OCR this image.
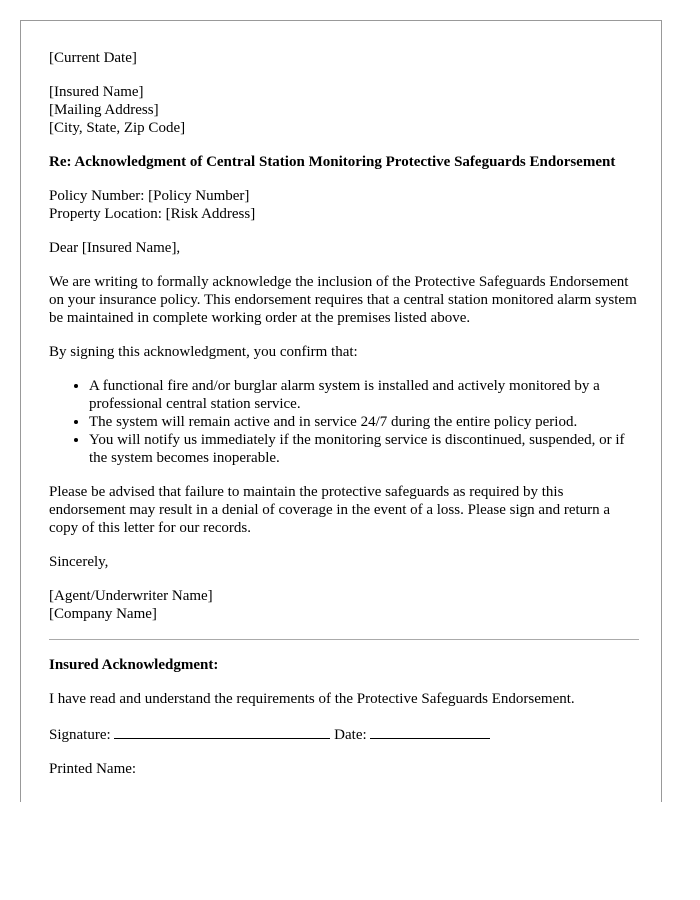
[Current Date]

[Insured Name]
[Mailing Address]
[City, State, Zip Code]

Re: Acknowledgment of Central Station Monitoring Protective Safeguards Endorsement

Policy Number: [Policy Number]
Property Location: [Risk Address]

Dear [Insured Name],

We are writing to formally acknowledge the inclusion of the Protective Safeguards Endorsement on your insurance policy. This endorsement requires that a central station monitored alarm system be maintained in complete working order at the premises listed above.

By signing this acknowledgment, you confirm that:

• A functional fire and/or burglar alarm system is installed and actively monitored by a professional central station service.
• The system will remain active and in service 24/7 during the entire policy period.
• You will notify us immediately if the monitoring service is discontinued, suspended, or if the system becomes inoperable.

Please be advised that failure to maintain the protective safeguards as required by this endorsement may result in a denial of coverage in the event of a loss. Please sign and return a copy of this letter for our records.

Sincerely,

[Agent/Underwriter Name]
[Company Name]

Insured Acknowledgment:

I have read and understand the requirements of the Protective Safeguards Endorsement.

Signature:	Date:

Printed Name:
